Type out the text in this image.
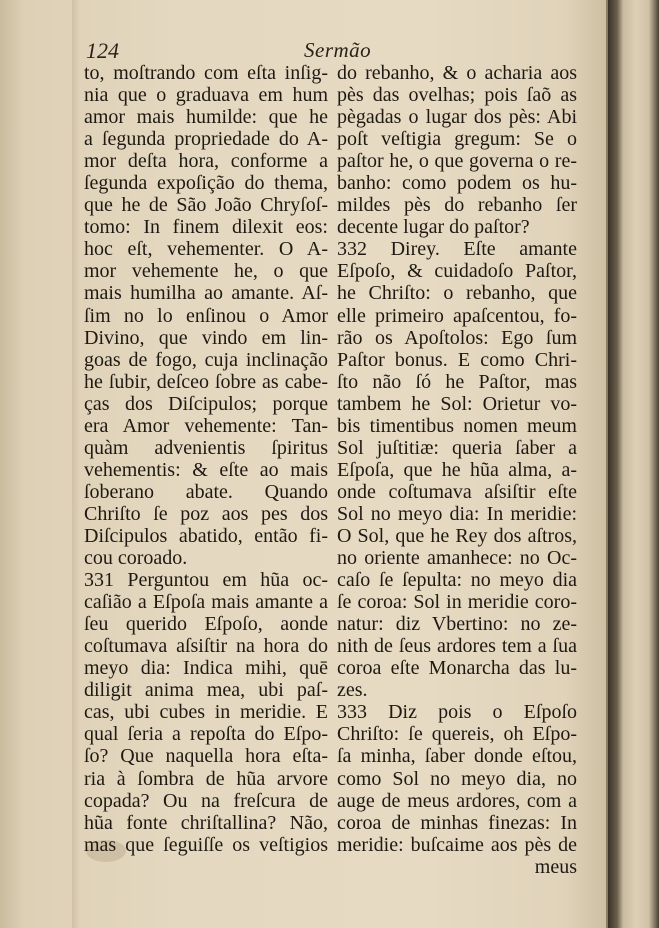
124	Sermão
to, moſtrando com eſta inſig-
nia que o graduava em hum
amor mais humilde: que he
a ſegunda propriedade do A-
mor deſta hora, conforme a
ſegunda expoſição do thema,
que he de São João Chryſoſ-
tomo: In finem dilexit eos:
hoc eſt, vehementer. O A-
mor vehemente he, o que
mais humilha ao amante. Aſ-
ſim no lo enſinou o Amor
Divino, que vindo em lin-
goas de fogo, cuja inclinação
he ſubir, deſceo ſobre as cabe-
ças dos Diſcipulos; porque
era Amor vehemente: Tan-
quàm advenientis ſpiritus
vehementis: & eſte ao mais
ſoberano abate. Quando
Chriſto ſe poz aos pes dos
Diſcipulos abatido, então fi-
cou coroado.
331 Perguntou em hũa oc-
caſião a Eſpoſa mais amante a
ſeu querido Eſpoſo, aonde
coſtumava aſsiſtir na hora do
meyo dia: Indica mihi, quē
diligit anima mea, ubi paſ-
cas, ubi cubes in meridie. E
qual ſeria a repoſta do Eſpo-
ſo? Que naquella hora eſta-
ria à ſombra de hũa arvore
copada? Ou na freſcura de
hũa fonte chriſtallina? Não,
mas que ſeguiſſe os veſtigios
do rebanho, & o acharia aos
pès das ovelhas; pois ſaõ as
pègadas o lugar dos pès: Abi
poſt veſtigia gregum: Se o
paſtor he, o que governa o re-
banho: como podem os hu-
mildes pès do rebanho ſer
decente lugar do paſtor?
332 Direy. Eſte amante
Eſpoſo, & cuidadoſo Paſtor,
he Chriſto: o rebanho, que
elle primeiro apaſcentou, fo-
rão os Apoſtolos: Ego ſum
Paſtor bonus. E como Chri-
ſto não ſó he Paſtor, mas
tambem he Sol: Orietur vo-
bis timentibus nomen meum
Sol juſtitiæ: queria ſaber a
Eſpoſa, que he hũa alma, a-
onde coſtumava aſsiſtir eſte
Sol no meyo dia: In meridie:
O Sol, que he Rey dos aſtros,
no oriente amanhece: no Oc-
caſo ſe ſepulta: no meyo dia
ſe coroa: Sol in meridie coro-
natur: diz Vbertino: no ze-
nith de ſeus ardores tem a ſua
coroa eſte Monarcha das lu-
zes.
333 Diz pois o Eſpoſo
Chriſto: ſe quereis, oh Eſpo-
ſa minha, ſaber donde eſtou,
como Sol no meyo dia, no
auge de meus ardores, com a
coroa de minhas finezas: In
meridie: buſcaime aos pès de
meus
